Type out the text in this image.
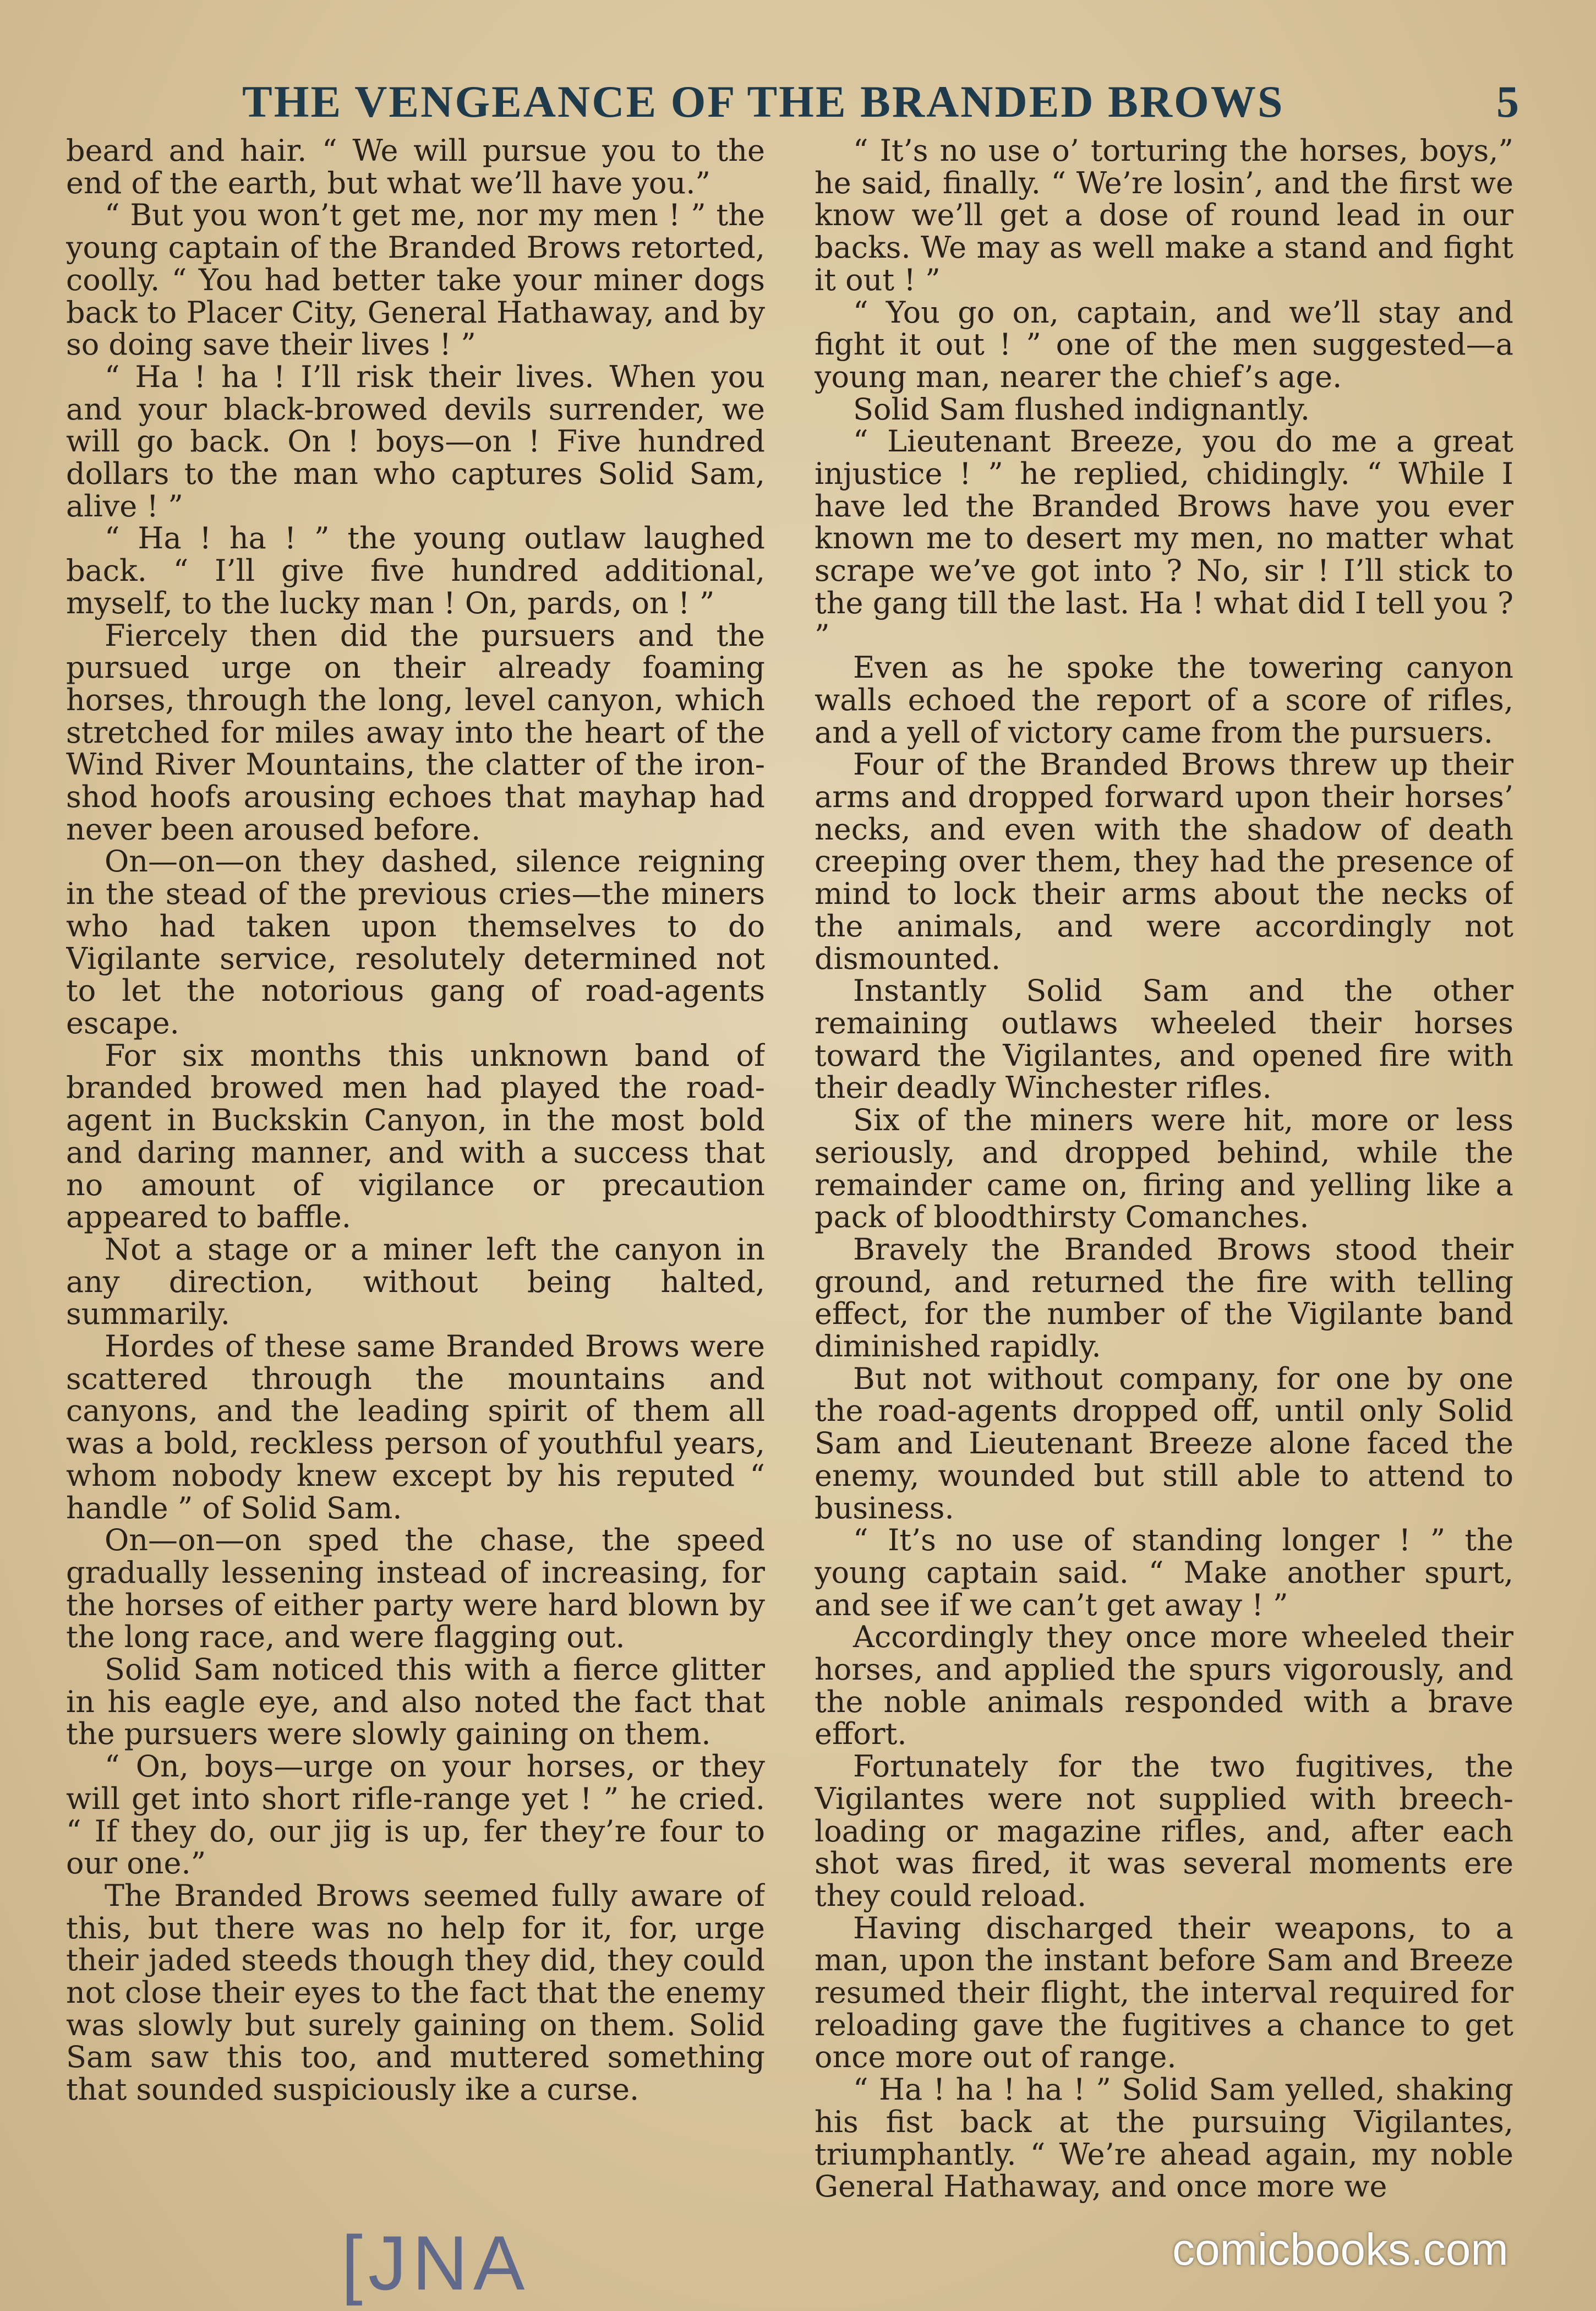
THE VENGEANCE OF THE BRANDED BROWS	5

beard and hair. “ We will pursue you to the end of the earth, but what we’ll have you.”

“ But you won’t get me, nor my men ! ” the young captain of the Branded Brows retorted, coolly. “ You had better take your miner dogs back to Placer City, General Hathaway, and by so doing save their lives ! ”

“ Ha ! ha ! I’ll risk their lives. When you and your black-browed devils surrender, we will go back. On ! boys—on ! Five hundred dollars to the man who captures Solid Sam, alive ! ”

“ Ha ! ha ! ” the young outlaw laughed back. “ I’ll give five hundred additional, myself, to the lucky man ! On, pards, on ! ”

Fiercely then did the pursuers and the pursued urge on their already foaming horses, through the long, level canyon, which stretched for miles away into the heart of the Wind River Mountains, the clatter of the iron-shod hoofs arousing echoes that mayhap had never been aroused before.

On—on—on they dashed, silence reigning in the stead of the previous cries—the miners who had taken upon themselves to do Vigilante service, resolutely determined not to let the notorious gang of road-agents escape.

For six months this unknown band of branded browed men had played the road-agent in Buckskin Canyon, in the most bold and daring manner, and with a success that no amount of vigilance or precaution appeared to baffle.

Not a stage or a miner left the canyon in any direction, without being halted, summarily.

Hordes of these same Branded Brows were scattered through the mountains and canyons, and the leading spirit of them all was a bold, reckless person of youthful years, whom nobody knew except by his reputed “ handle ” of Solid Sam.

On—on—on sped the chase, the speed gradually lessening instead of increasing, for the horses of either party were hard blown by the long race, and were flagging out.

Solid Sam noticed this with a fierce glitter in his eagle eye, and also noted the fact that the pursuers were slowly gaining on them.

“ On, boys—urge on your horses, or they will get into short rifle-range yet ! ” he cried. “ If they do, our jig is up, fer they’re four to our one.”

The Branded Brows seemed fully aware of this, but there was no help for it, for, urge their jaded steeds though they did, they could not close their eyes to the fact that the enemy was slowly but surely gaining on them. Solid Sam saw this too, and muttered something that sounded suspiciously ike a curse.

“ It’s no use o’ torturing the horses, boys,” he said, finally. “ We’re losin’, and the first we know we’ll get a dose of round lead in our backs. We may as well make a stand and fight it out ! ”

“ You go on, captain, and we’ll stay and fight it out ! ” one of the men suggested—a young man, nearer the chief’s age.

Solid Sam flushed indignantly.

“ Lieutenant Breeze, you do me a great injustice ! ” he replied, chidingly. “ While I have led the Branded Brows have you ever known me to desert my men, no matter what scrape we’ve got into ? No, sir ! I’ll stick to the gang till the last. Ha ! what did I tell you ? ”

Even as he spoke the towering canyon walls echoed the report of a score of rifles, and a yell of victory came from the pursuers.

Four of the Branded Brows threw up their arms and dropped forward upon their horses’ necks, and even with the shadow of death creeping over them, they had the presence of mind to lock their arms about the necks of the animals, and were accordingly not dismounted.

Instantly Solid Sam and the other remaining outlaws wheeled their horses toward the Vigilantes, and opened fire with their deadly Winchester rifles.

Six of the miners were hit, more or less seriously, and dropped behind, while the remainder came on, firing and yelling like a pack of bloodthirsty Comanches.

Bravely the Branded Brows stood their ground, and returned the fire with telling effect, for the number of the Vigilante band diminished rapidly.

But not without company, for one by one the road-agents dropped off, until only Solid Sam and Lieutenant Breeze alone faced the enemy, wounded but still able to attend to business.

“ It’s no use of standing longer ! ” the young captain said. “ Make another spurt, and see if we can’t get away ! ”

Accordingly they once more wheeled their horses, and applied the spurs vigorously, and the noble animals responded with a brave effort.

Fortunately for the two fugitives, the Vigilantes were not supplied with breech-loading or magazine rifles, and, after each shot was fired, it was several moments ere they could reload.

Having discharged their weapons, to a man, upon the instant before Sam and Breeze resumed their flight, the interval required for reloading gave the fugitives a chance to get once more out of range.

“ Ha ! ha ! ha ! ” Solid Sam yelled, shaking his fist back at the pursuing Vigilantes, triumphantly. “ We’re ahead again, my noble General Hathaway, and once more we

[JNA	comicbooks.com
